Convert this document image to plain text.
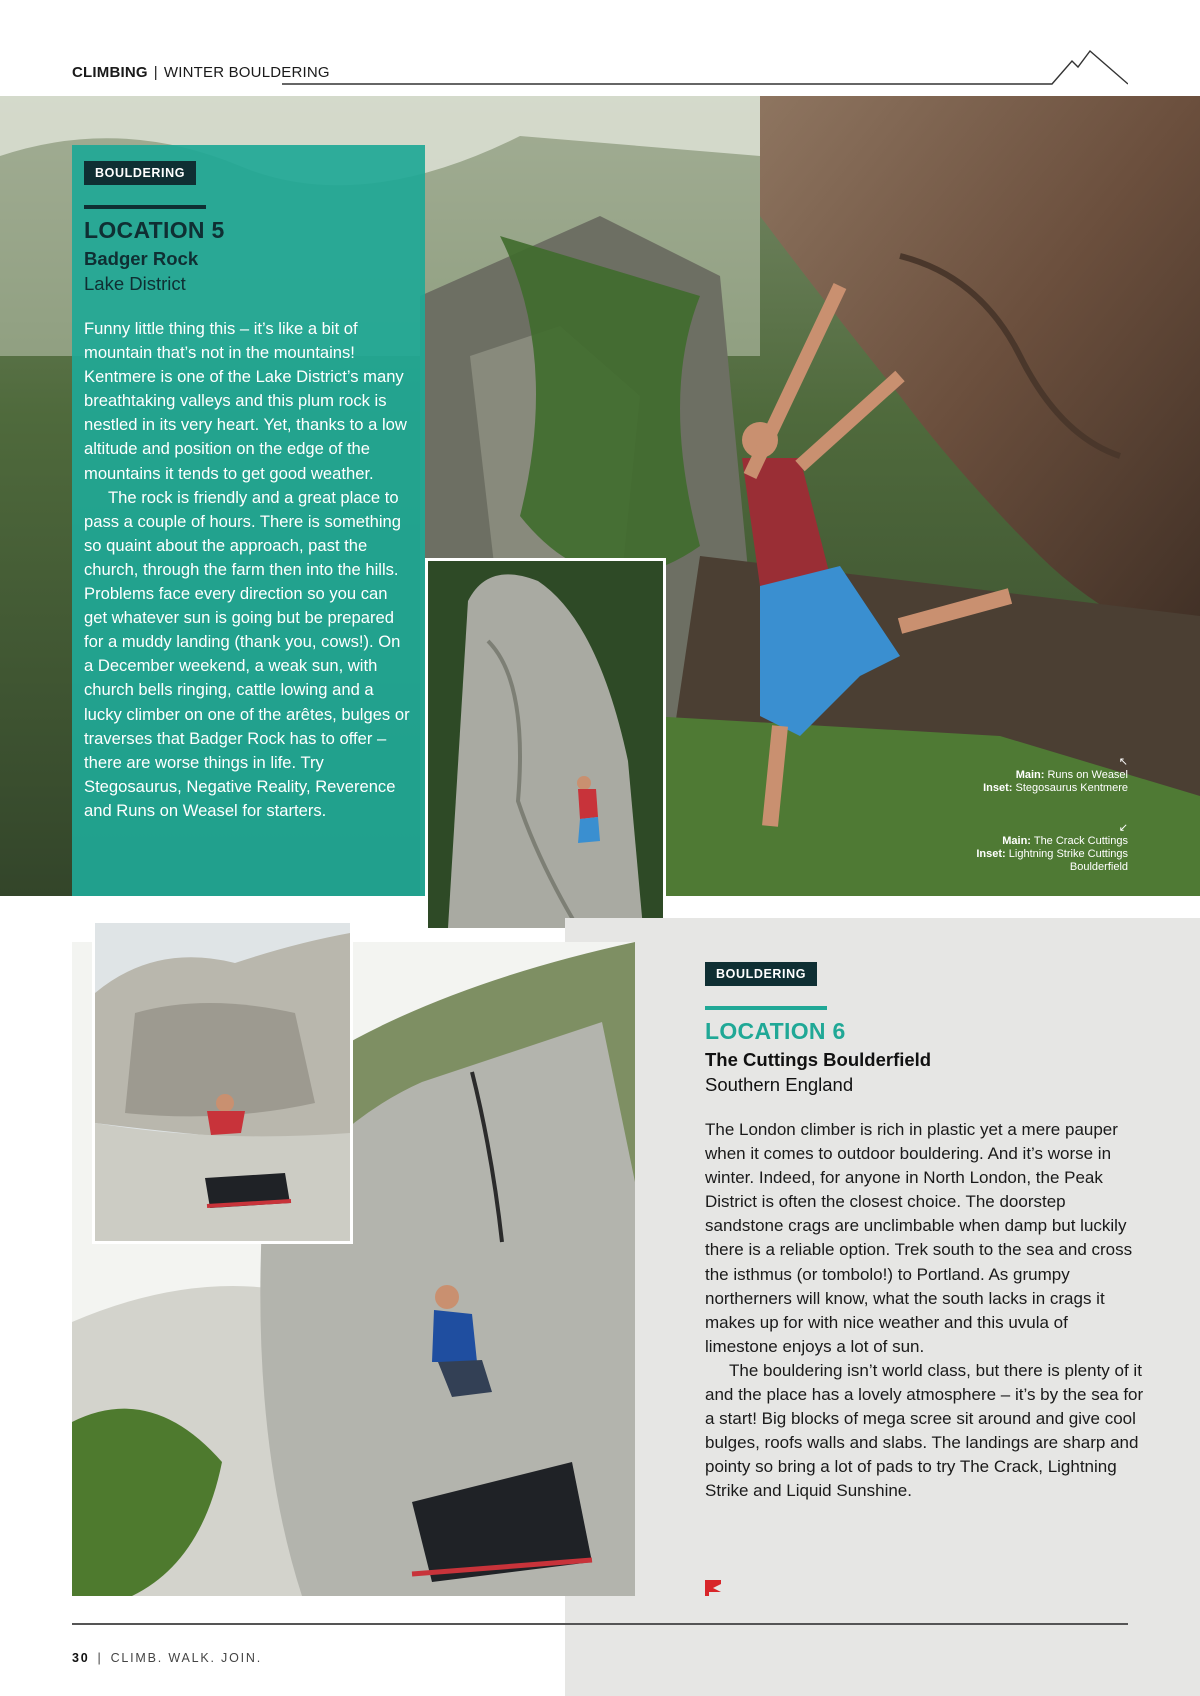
CLIMBING | WINTER BOULDERING
BOULDERING
LOCATION 5
Badger Rock
Lake District

Funny little thing this – it’s like a bit of mountain that’s not in the mountains! Kentmere is one of the Lake District’s many breathtaking valleys and this plum rock is nestled in its very heart. Yet, thanks to a low altitude and position on the edge of the mountains it tends to get good weather.

The rock is friendly and a great place to pass a couple of hours. There is something so quaint about the approach, past the church, through the farm then into the hills. Problems face every direction so you can get whatever sun is going but be prepared for a muddy landing (thank you, cows!). On a December weekend, a weak sun, with church bells ringing, cattle lowing and a lucky climber on one of the arêtes, bulges or traverses that Badger Rock has to offer – there are worse things in life. Try Stegosaurus, Negative Reality, Reverence and Runs on Weasel for starters.

↖
Main: Runs on Weasel
Inset: Stegosaurus Kentmere
↙
Main: The Crack Cuttings
Inset: Lightning Strike Cuttings Boulderfield
BOULDERING
LOCATION 6
The Cuttings Boulderfield
Southern England

The London climber is rich in plastic yet a mere pauper when it comes to outdoor bouldering. And it’s worse in winter. Indeed, for anyone in North London, the Peak District is often the closest choice. The doorstep sandstone crags are unclimbable when damp but luckily there is a reliable option. Trek south to the sea and cross the isthmus (or tombolo!) to Portland. As grumpy northerners will know, what the south lacks in crags it makes up for with nice weather and this uvula of limestone enjoys a lot of sun.

The bouldering isn’t world class, but there is plenty of it and the place has a lovely atmosphere – it’s by the sea for a start! Big blocks of mega scree sit around and give cool bulges, roofs walls and slabs. The landings are sharp and pointy so bring a lot of pads to try The Crack, Lightning Strike and Liquid Sunshine.

30 | CLIMB. WALK. JOIN.
